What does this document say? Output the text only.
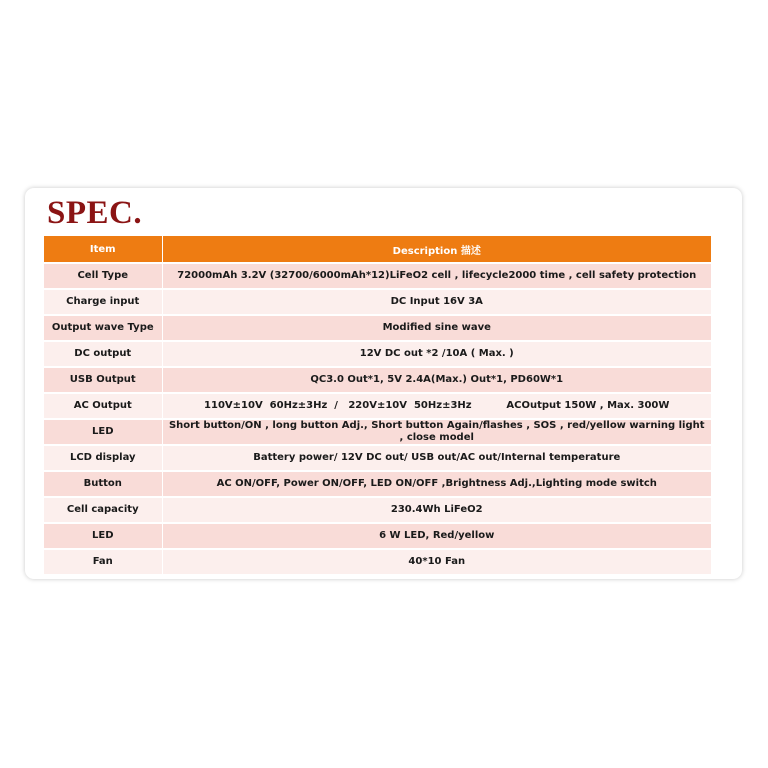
SPEC.
Item	Description 描述
Cell Type	72000mAh 3.2V (32700/6000mAh*12)LiFeO2 cell , lifecycle2000 time , cell safety protection
Charge input	DC Input 16V 3A
Output wave Type	Modified sine wave
DC output	12V DC out *2 /10A ( Max. )
USB Output	QC3.0 Out*1, 5V 2.4A(Max.) Out*1, PD60W*1
AC Output	110V±10V  60Hz±3Hz  /   220V±10V  50Hz±3Hz          ACOutput 150W , Max. 300W
LED	Short button/ON , long button Adj., Short button Again/flashes , SOS , red/yellow warning light , close model
LCD display	Battery power/ 12V DC out/ USB out/AC out/Internal temperature
Button	AC ON/OFF, Power ON/OFF, LED ON/OFF ,Brightness Adj.,Lighting mode switch
Cell capacity	230.4Wh LiFeO2
LED	6 W LED, Red/yellow
Fan	40*10 Fan
